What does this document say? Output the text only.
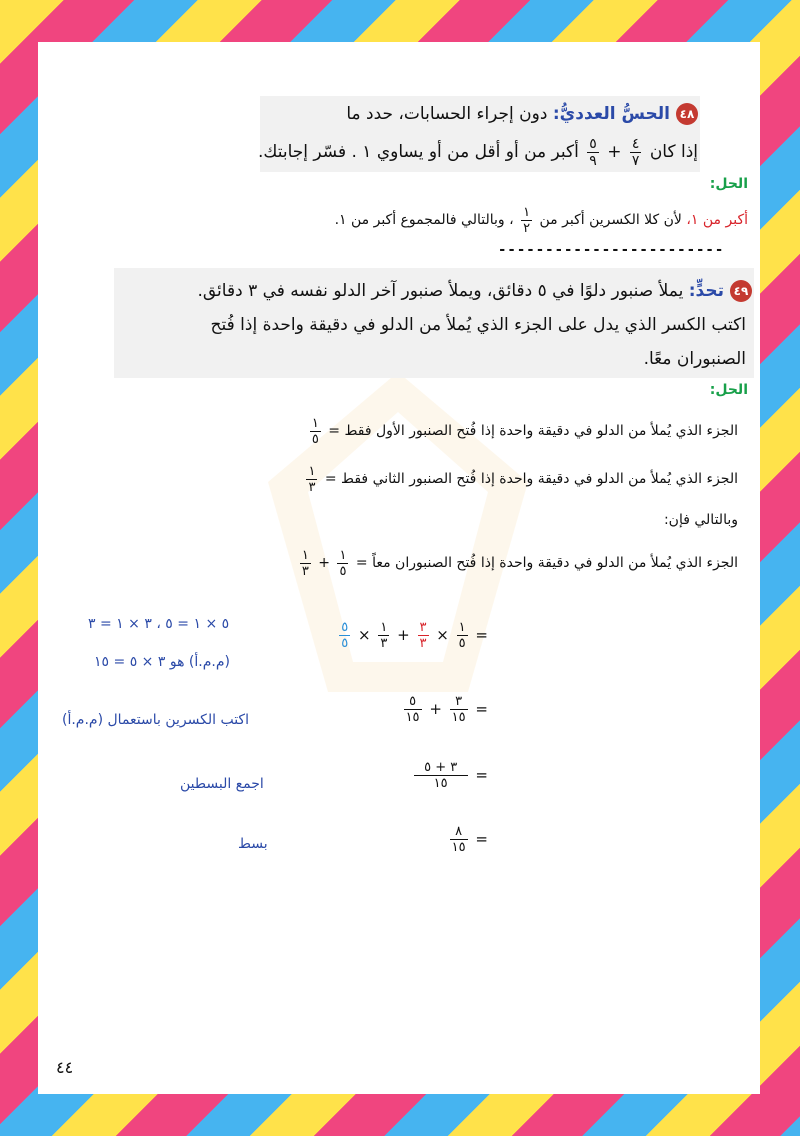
٤٨الحسُّ العدديُّ: دون إجراء الحسابات، حدد ما
إذا كان
$\frac{٤}{٧}$
+
$\frac{٥}{٩}$
أكبر من أو أقل من أو يساوي ١ . فسّر إجابتك.
الحل:
أكبر من ١، لأن كلا الكسرين أكبر من
$\frac{١}{٢}$
، وبالتالي فالمجموع أكبر من ١.
------------------------
٤٩تحدٍّ: يملأ صنبور دلوًا في ٥ دقائق، ويملأ صنبور آخر الدلو نفسه في ٣ دقائق.
اكتب الكسر الذي يدل على الجزء الذي يُملأ من الدلو في دقيقة واحدة إذا فُتح
الصنبوران معًا.
الحل:
الجزء الذي يُملأ من الدلو في دقيقة واحدة إذا فُتح الصنبور الأول فقط =
$\frac{١}{٥}$
الجزء الذي يُملأ من الدلو في دقيقة واحدة إذا فُتح الصنبور الثاني فقط =
$\frac{١}{٣}$
وبالتالي فإن:
الجزء الذي يُملأ من الدلو في دقيقة واحدة إذا فُتح الصنبوران معاً =
$\frac{١}{٥}$
+
$\frac{١}{٣}$
=
$\frac{١}{٥}$
×
$\frac{٣}{٣}$
+
$\frac{١}{٣}$
×
$\frac{٥}{٥}$
٥ × ١ = ٥ ، ٣ × ١ = ٣
(م.م.أ) هو ٣ × ٥ = ١٥
=
$\frac{٣}{١٥}$
+
$\frac{٥}{١٥}$
اكتب الكسرين باستعمال (م.م.أ)
=
$\frac{٣ + ٥}{١٥}$
اجمع البسطين
=
$\frac{٨}{١٥}$
بسط
٤٤
